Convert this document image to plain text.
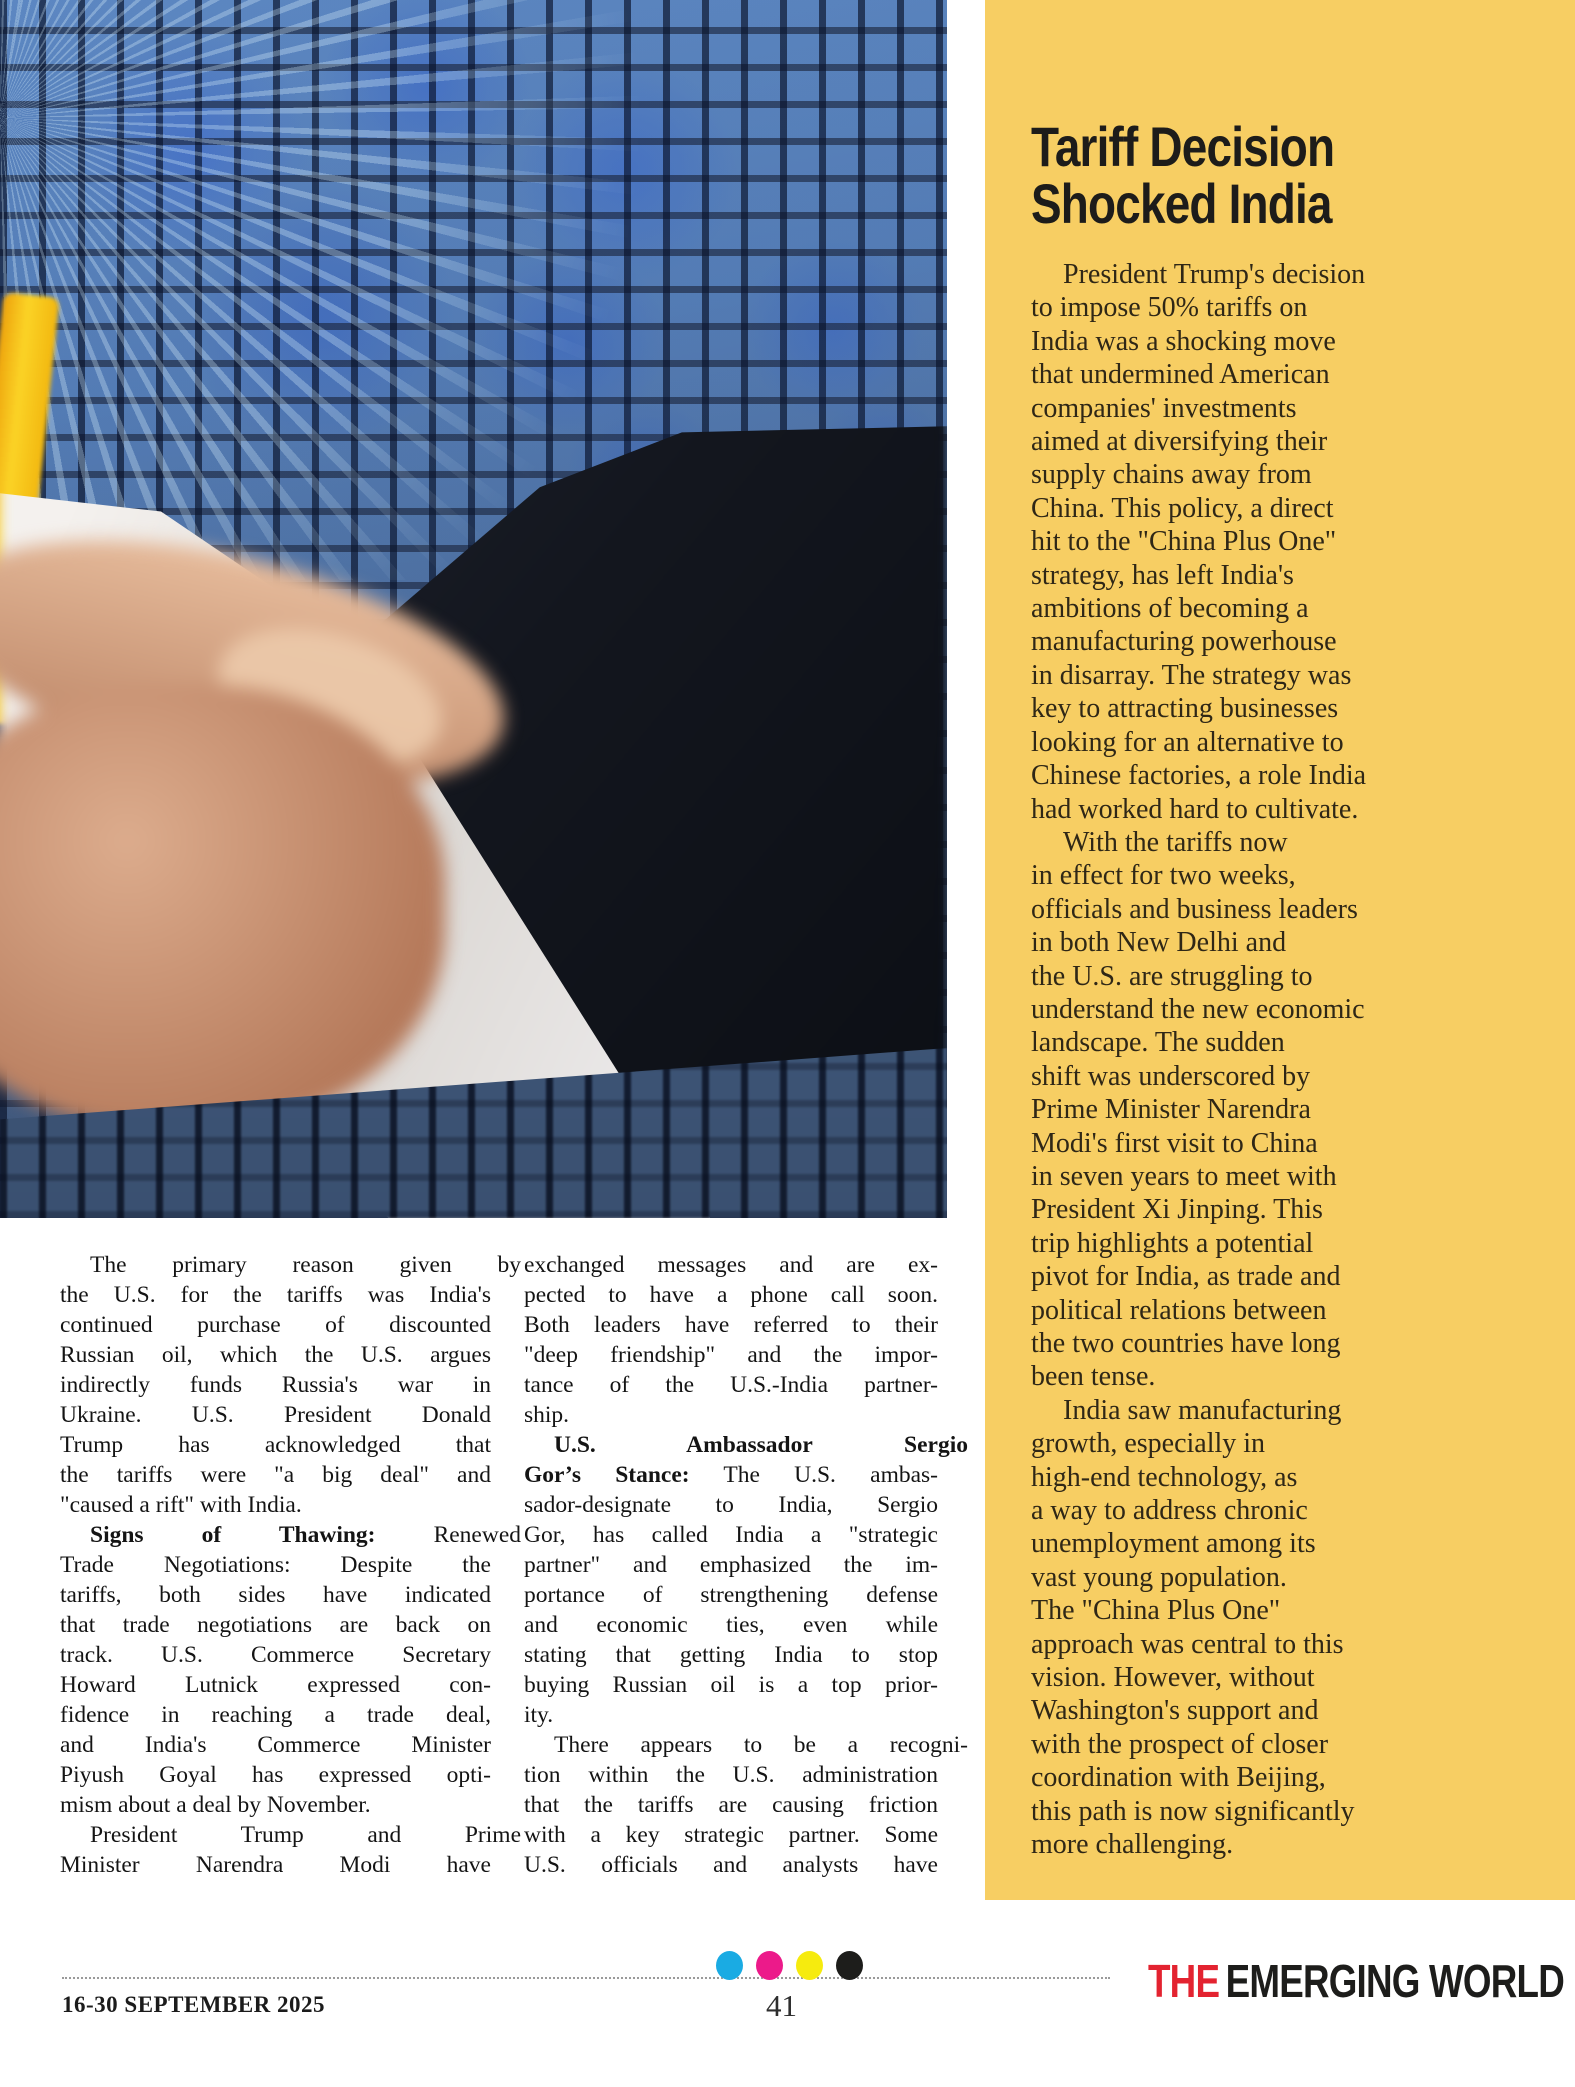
Tariff Decision
Shocked India

President Trump's decision
to impose 50% tariffs on
India was a shocking move
that undermined American
companies' investments
aimed at diversifying their
supply chains away from
China. This policy, a direct
hit to the "China Plus One"
strategy, has left India's
ambitions of becoming a
manufacturing powerhouse
in disarray. The strategy was
key to attracting businesses
looking for an alternative to
Chinese factories, a role India
had worked hard to cultivate.

With the tariffs now
in effect for two weeks,
officials and business leaders
in both New Delhi and
the U.S. are struggling to
understand the new economic
landscape. The sudden
shift was underscored by
Prime Minister Narendra
Modi's first visit to China
in seven years to meet with
President Xi Jinping. This
trip highlights a potential
pivot for India, as trade and
political relations between
the two countries have long
been tense.

India saw manufacturing
growth, especially in
high-end technology, as
a way to address chronic
unemployment among its
vast young population.
The "China Plus One"
approach was central to this
vision. However, without
Washington's support and
with the prospect of closer
coordination with Beijing,
this path is now significantly
more challenging.

The primary reason given by
the U.S. for the tariffs was India's
continued purchase of discounted
Russian oil, which the U.S. argues
indirectly funds Russia's war in
Ukraine. U.S. President Donald
Trump has acknowledged that
the tariffs were "a big deal" and
"caused a rift" with India.
Signs of Thawing: Renewed
Trade Negotiations: Despite the
tariffs, both sides have indicated
that trade negotiations are back on
track. U.S. Commerce Secretary
Howard Lutnick expressed con-
fidence in reaching a trade deal,
and India's Commerce Minister
Piyush Goyal has expressed opti-
mism about a deal by November.
President Trump and Prime
Minister Narendra Modi have
exchanged messages and are ex-
pected to have a phone call soon.
Both leaders have referred to their
"deep friendship" and the impor-
tance of the U.S.-India partner-
ship.
U.S. Ambassador Sergio
Gor’s Stance: The U.S. ambas-
sador-designate to India, Sergio
Gor, has called India a "strategic
partner" and emphasized the im-
portance of strengthening defense
and economic ties, even while
stating that getting India to stop
buying Russian oil is a top prior-
ity.
There appears to be a recogni-
tion within the U.S. administration
that the tariffs are causing friction
with a key strategic partner. Some
U.S. officials and analysts have
16-30 SEPTEMBER 2025	41	THE EMERGING WORLD
